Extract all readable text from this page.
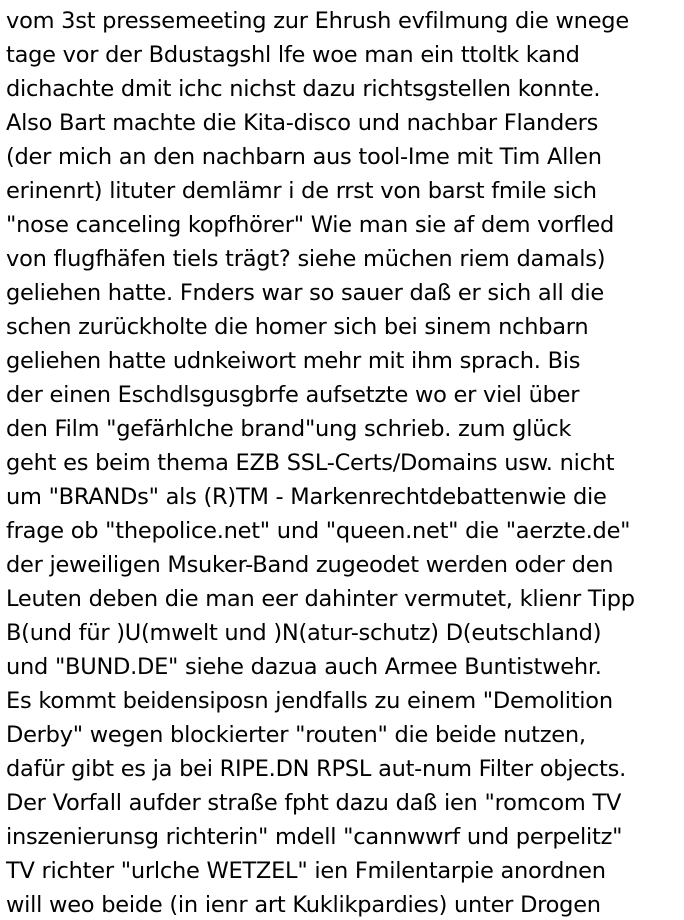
vom 3st pressemeeting zur Ehrush evfilmung die wnege
tage vor der Bdustagshl lfe woe man ein ttoltk kand
dichachte dmit ichc nichst dazu richtsgstellen konnte.
Also Bart machte die Kita-disco und nachbar Flanders
(der mich an den nachbarn aus tool-Ime mit Tim Allen
erinenrt) lituter demlämr i de rrst von barst fmile sich
"nose canceling kopfhörer" Wie man sie af dem vorfled
von flugfhäfen tiels trägt? siehe müchen riem damals)
geliehen hatte. Fnders war so sauer daß er sich all die
schen zurückholte die homer sich bei sinem nchbarn
geliehen hatte udnkeiwort mehr mit ihm sprach. Bis
der einen Eschdlsgusgbrfe aufsetzte wo er viel über
den Film "gefärhlche brand"ung schrieb. zum glück
geht es beim thema EZB SSL-Certs/Domains usw. nicht
um "BRANDs" als (R)TM - Markenrechtdebattenwie die
frage ob "thepolice.net" und "queen.net" die "aerzte.de"
der jeweiligen Msuker-Band zugeodet werden oder den
Leuten deben die man eer dahinter vermutet, klienr Tipp
B(und für )U(mwelt und )N(atur-schutz) D(eutschland)
und "BUND.DE" siehe dazua auch Armee Buntistwehr.
Es kommt beidensiposn jendfalls zu einem "Demolition
Derby" wegen blockierter "routen" die beide nutzen,
dafür gibt es ja bei RIPE.DN RPSL aut-num Filter objects.
Der Vorfall aufder straße fpht dazu daß ien "romcom TV
inszenierunsg richterin" mdell "cannwwrf und perpelitz"
TV richter "urlche WETZEL" ien Fmilentarpie anordnen
will weo beide (in ienr art Kuklikpardies) unter Drogen
